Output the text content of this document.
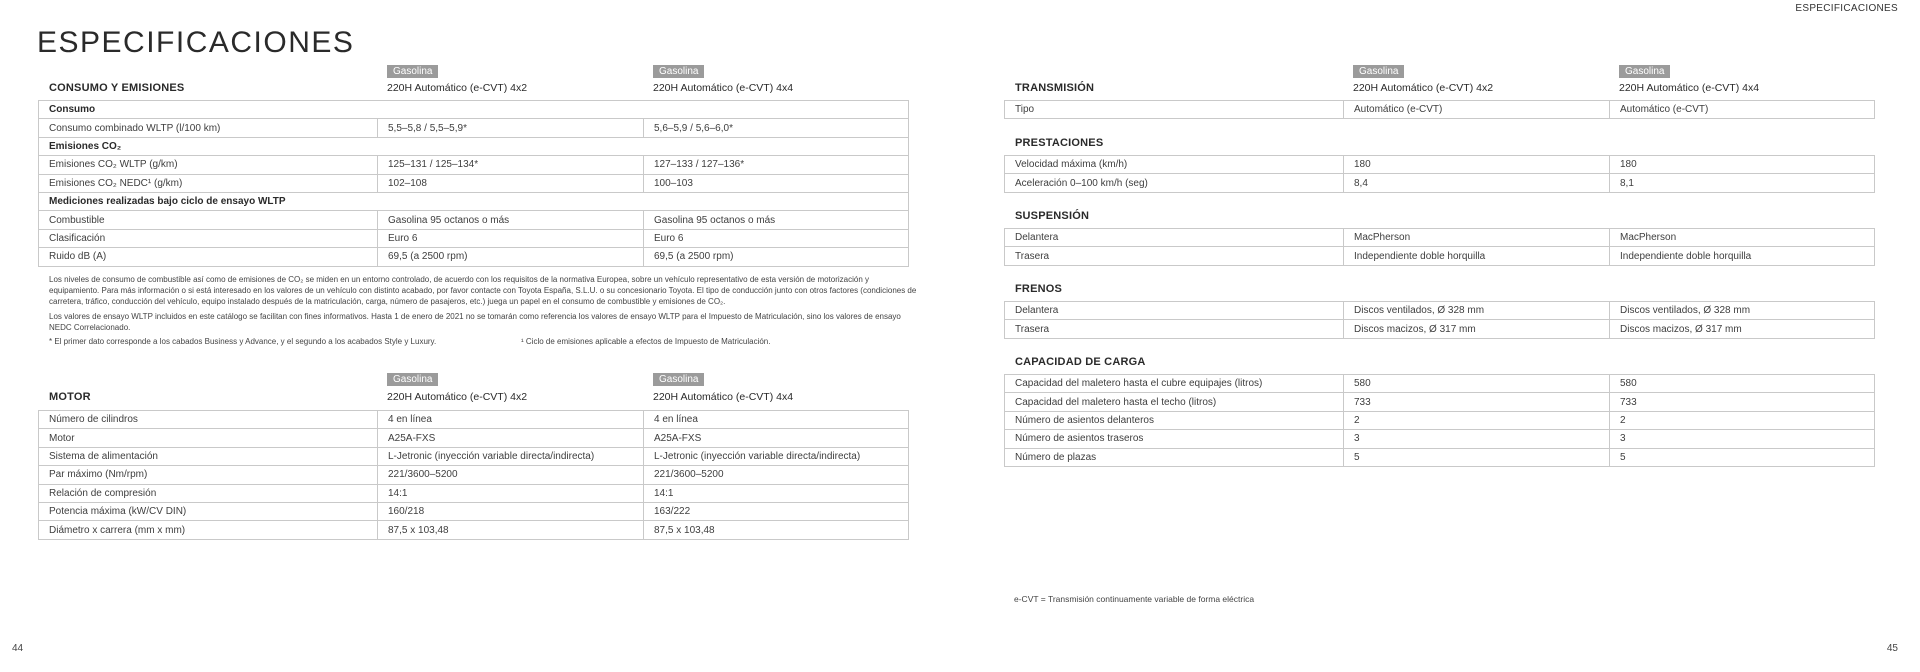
ESPECIFICACIONES
ESPECIFICACIONES
Gasolina	Gasolina
CONSUMO Y EMISIONES	220H Automático (e-CVT) 4x2	220H Automático (e-CVT) 4x4
Consumo		
Consumo combinado WLTP (l/100 km)	5,5–5,8 / 5,5–5,9*	5,6–5,9 / 5,6–6,0*
Emisiones CO₂		
Emisiones CO₂ WLTP (g/km)	125–131 / 125–134*	127–133 / 127–136*
Emisiones CO₂ NEDC¹ (g/km)	102–108	100–103
Mediciones realizadas bajo ciclo de ensayo WLTP		
Combustible	Gasolina 95 octanos o más	Gasolina 95 octanos o más
Clasificación	Euro 6	Euro 6
Ruido dB (A)	69,5 (a 2500 rpm)	69,5 (a 2500 rpm)

Los niveles de consumo de combustible así como de emisiones de CO₂ se miden en un entorno controlado, de acuerdo con los requisitos de la normativa Europea, sobre un vehículo representativo de esta versión de motorización y equipamiento. Para más información o si está interesado en los valores de un vehículo con distinto acabado, por favor contacte con Toyota España, S.L.U. o su concesionario Toyota. El tipo de conducción junto con otros factores (condiciones de carretera, tráfico, conducción del vehículo, equipo instalado después de la matriculación, carga, número de pasajeros, etc.) juega un papel en el consumo de combustible y emisiones de CO₂.

Los valores de ensayo WLTP incluidos en este catálogo se facilitan con fines informativos. Hasta 1 de enero de 2021 no se tomarán como referencia los valores de ensayo WLTP para el Impuesto de Matriculación, sino los valores de ensayo NEDC Correlacionado.

* El primer dato corresponde a los cabados Business y Advance, y el segundo a los acabados Style y Luxury.	¹ Ciclo de emisiones aplicable a efectos de Impuesto de Matriculación.
Gasolina	Gasolina
MOTOR	220H Automático (e-CVT) 4x2	220H Automático (e-CVT) 4x4
Número de cilindros	4 en línea	4 en línea
Motor	A25A-FXS	A25A-FXS
Sistema de alimentación	L-Jetronic (inyección variable directa/indirecta)	L-Jetronic (inyección variable directa/indirecta)
Par máximo (Nm/rpm)	221/3600–5200	221/3600–5200
Relación de compresión	14:1	14:1
Potencia máxima (kW/CV DIN)	160/218	163/222
Diámetro x carrera (mm x mm)	87,5 x 103,48	87,5 x 103,48
Gasolina	Gasolina
TRANSMISIÓN	220H Automático (e-CVT) 4x2	220H Automático (e-CVT) 4x4
Tipo	Automático (e-CVT)	Automático (e-CVT)
PRESTACIONES
Velocidad máxima (km/h)	180	180
Aceleración 0–100 km/h (seg)	8,4	8,1
SUSPENSIÓN
Delantera	MacPherson	MacPherson
Trasera	Independiente doble horquilla	Independiente doble horquilla
FRENOS
Delantera	Discos ventilados, Ø 328 mm	Discos ventilados, Ø 328 mm
Trasera	Discos macizos, Ø 317 mm	Discos macizos, Ø 317 mm
CAPACIDAD DE CARGA
Capacidad del maletero hasta el cubre equipajes (litros)	580	580
Capacidad del maletero hasta el techo (litros)	733	733
Número de asientos delanteros	2	2
Número de asientos traseros	3	3
Número de plazas	5	5
e-CVT = Transmisión continuamente variable de forma eléctrica
44	45
